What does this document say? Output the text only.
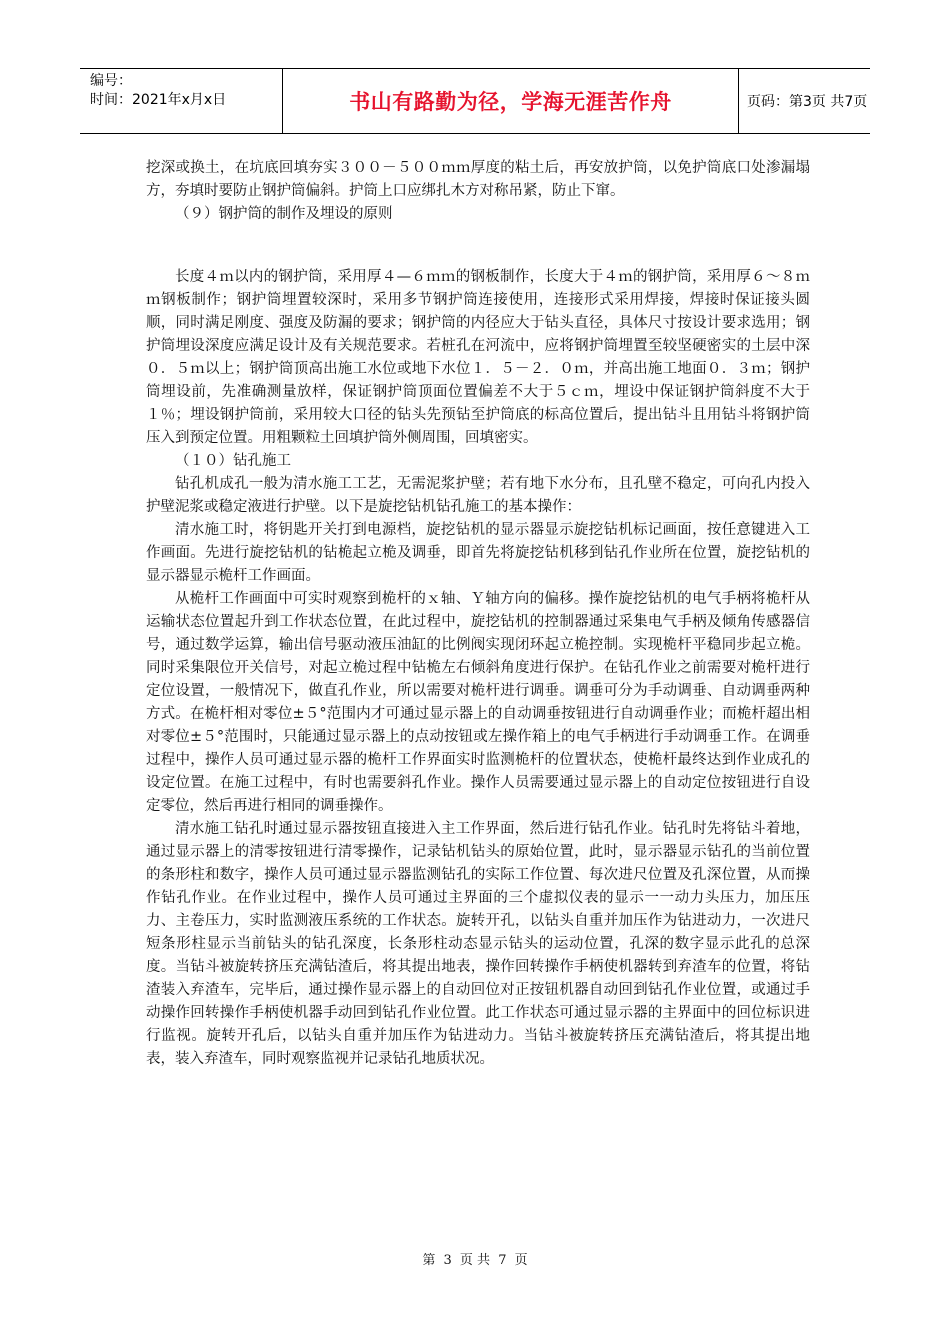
编号：
时间：2021年x月x日	书山有路勤为径，学海无涯苦作舟	页码：第3页 共7页

挖深或换土，在坑底回填夯实３００－５００ｍｍ厚度的粘土后，再安放护筒，以免护筒底口处渗漏塌方，夯填时要防止钢护筒偏斜。护筒上口应绑扎木方对称吊紧，防止下窜。

（９）钢护筒的制作及埋设的原则

长度４ｍ以内的钢护筒，采用厚４—６ｍｍ的钢板制作，长度大于４ｍ的钢护筒，采用厚６～８ｍｍ钢板制作；钢护筒埋置较深时，采用多节钢护筒连接使用，连接形式采用焊接，焊接时保证接头圆顺，同时满足刚度、强度及防漏的要求；钢护筒的内径应大于钻头直径，具体尺寸按设计要求选用；钢护筒埋设深度应满足设计及有关规范要求。若桩孔在河流中，应将钢护筒埋置至较坚硬密实的土层中深０．５ｍ以上；钢护筒顶高出施工水位或地下水位１．５－２．０ｍ，并高出施工地面０．３ｍ；钢护筒埋设前，先准确测量放样，保证钢护筒顶面位置偏差不大于５ｃｍ，埋设中保证钢护筒斜度不大于１％；埋设钢护筒前，采用较大口径的钻头先预钻至护筒底的标高位置后，提出钻斗且用钻斗将钢护筒压入到预定位置。用粗颗粒土回填护筒外侧周围，回填密实。

（１０）钻孔施工

钻孔机成孔一般为清水施工工艺，无需泥浆护壁；若有地下水分布，且孔壁不稳定，可向孔内投入护壁泥浆或稳定液进行护壁。以下是旋挖钻机钻孔施工的基本操作：

清水施工时，将钥匙开关打到电源档，旋挖钻机的显示器显示旋挖钻机标记画面，按任意键进入工作画面。先进行旋挖钻机的钻桅起立桅及调垂，即首先将旋挖钻机移到钻孔作业所在位置，旋挖钻机的显示器显示桅杆工作画面。

从桅杆工作画面中可实时观察到桅杆的ｘ轴、Ｙ轴方向的偏移。操作旋挖钻机的电气手柄将桅杆从运输状态位置起升到工作状态位置，在此过程中，旋挖钻机的控制器通过采集电气手柄及倾角传感器信号，通过数学运算，输出信号驱动液压油缸的比例阀实现闭环起立桅控制。实现桅杆平稳同步起立桅。同时采集限位开关信号，对起立桅过程中钻桅左右倾斜角度进行保护。在钻孔作业之前需要对桅杆进行定位设置，一般情况下，做直孔作业，所以需要对桅杆进行调垂。调垂可分为手动调垂、自动调垂两种方式。在桅杆相对零位±５°范围内才可通过显示器上的自动调垂按钮进行自动调垂作业；而桅杆超出相对零位±５°范围时，只能通过显示器上的点动按钮或左操作箱上的电气手柄进行手动调垂工作。在调垂过程中，操作人员可通过显示器的桅杆工作界面实时监测桅杆的位置状态，使桅杆最终达到作业成孔的设定位置。在施工过程中，有时也需要斜孔作业。操作人员需要通过显示器上的自动定位按钮进行自设定零位，然后再进行相同的调垂操作。

清水施工钻孔时通过显示器按钮直接进入主工作界面，然后进行钻孔作业。钻孔时先将钻斗着地，通过显示器上的清零按钮进行清零操作，记录钻机钻头的原始位置，此时，显示器显示钻孔的当前位置的条形柱和数字，操作人员可通过显示器监测钻孔的实际工作位置、每次进尺位置及孔深位置，从而操作钻孔作业。在作业过程中，操作人员可通过主界面的三个虚拟仪表的显示一一动力头压力，加压压力、主卷压力，实时监测液压系统的工作状态。旋转开孔，以钻头自重并加压作为钻进动力，一次进尺短条形柱显示当前钻头的钻孔深度，长条形柱动态显示钻头的运动位置，孔深的数字显示此孔的总深度。当钻斗被旋转挤压充满钻渣后，将其提出地表，操作回转操作手柄使机器转到弃渣车的位置，将钻渣装入弃渣车，完毕后，通过操作显示器上的自动回位对正按钮机器自动回到钻孔作业位置，或通过手动操作回转操作手柄使机器手动回到钻孔作业位置。此工作状态可通过显示器的主界面中的回位标识进行监视。旋转开孔后，以钻头自重并加压作为钻进动力。当钻斗被旋转挤压充满钻渣后，将其提出地表，装入弃渣车，同时观察监视并记录钻孔地质状况。

第 3 页 共 7 页
